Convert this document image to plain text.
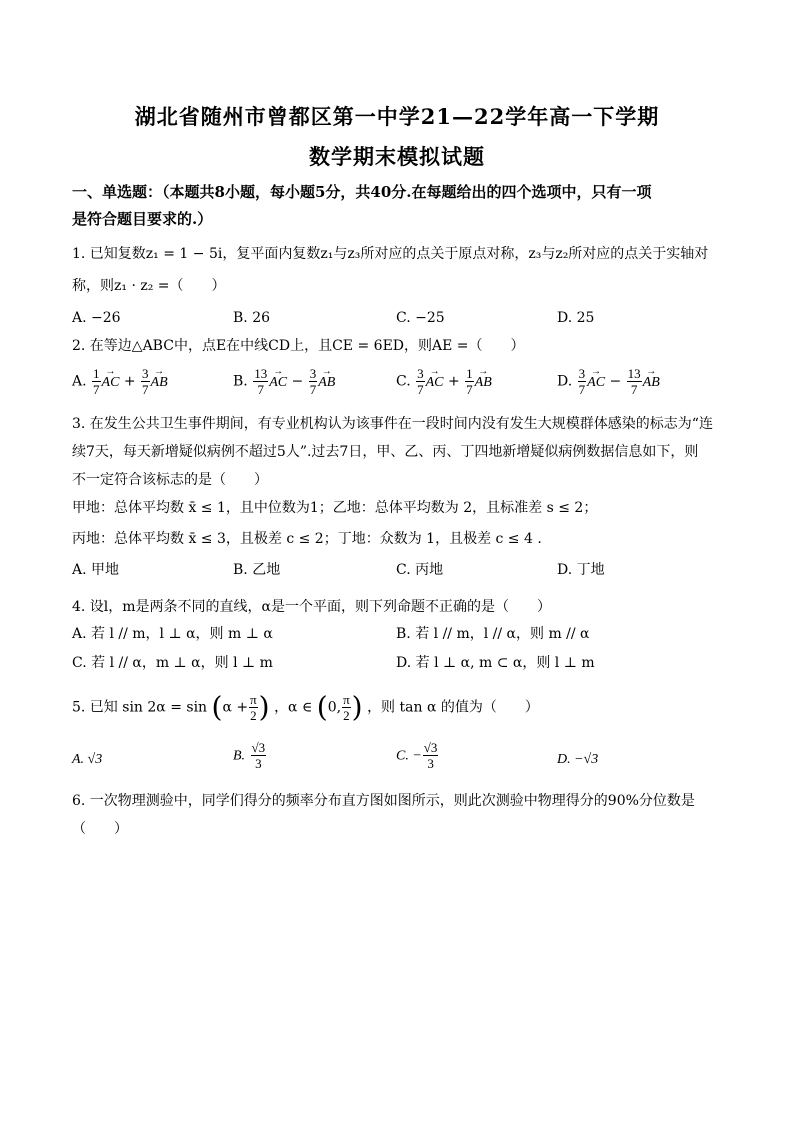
湖北省随州市曾都区第一中学21—22学年高一下学期
数学期末模拟试题
一、单选题：（本题共8小题，每小题5分，共40分.在每题给出的四个选项中，只有一项
是符合题目要求的.）
1. 已知复数z₁ = 1 − 5i，复平面内复数z₁与z₃所对应的点关于原点对称，z₃与z₂所对应的点关于实轴对
称，则z₁ · z₂ =（　　）
A. −26	B. 26	C. −25	D. 25
2. 在等边△ABC中，点E在中线CD上，且CE = 6ED，则AE =（　　）
A. $\frac{1}{7}$ → AC + $\frac{3}{7}$ → AB	B. $\frac{13}{7}$ → AC − $\frac{3}{7}$ → AB	C. $\frac{3}{7}$ → AC + $\frac{1}{7}$ → AB	D. $\frac{3}{7}$ → AC − $\frac{13}{7}$ → AB
3. 在发生公共卫生事件期间，有专业机构认为该事件在一段时间内没有发生大规模群体感染的标志为“连
续7天，每天新增疑似病例不超过5人”.过去7日，甲、乙、丙、丁四地新增疑似病例数据信息如下，则
不一定符合该标志的是（　　）
甲地：总体平均数 x̄ ≤ 1，且中位数为1；乙地：总体平均数为 2，且标准差 s ≤ 2；
丙地：总体平均数 x̄ ≤ 3，且极差 c ≤ 2；丁地：众数为 1，且极差 c ≤ 4 .
A. 甲地	B. 乙地	C. 丙地	D. 丁地
4. 设l，m是两条不同的直线，α是一个平面，则下列命题不正确的是（　　）
A. 若 l // m，l ⊥ α，则 m ⊥ α	B. 若 l // m，l // α，则 m // α
C. 若 l // α，m ⊥ α，则 l ⊥ m	D. 若 l ⊥ α, m ⊂ α，则 l ⊥ m
5. 已知 $\sin 2\alpha = \sin (\alpha + \frac{\pi}{2}$ ) ，α ∈ (0, $\frac{\pi}{2}$ ) ，则 tan α 的值为（　　）
A. √3	B. $\frac{√3}{3}$	C. − $\frac{√3}{3}$	D. −√3
6. 一次物理测验中，同学们得分的频率分布直方图如图所示，则此次测验中物理得分的90%分位数是
（　　）
